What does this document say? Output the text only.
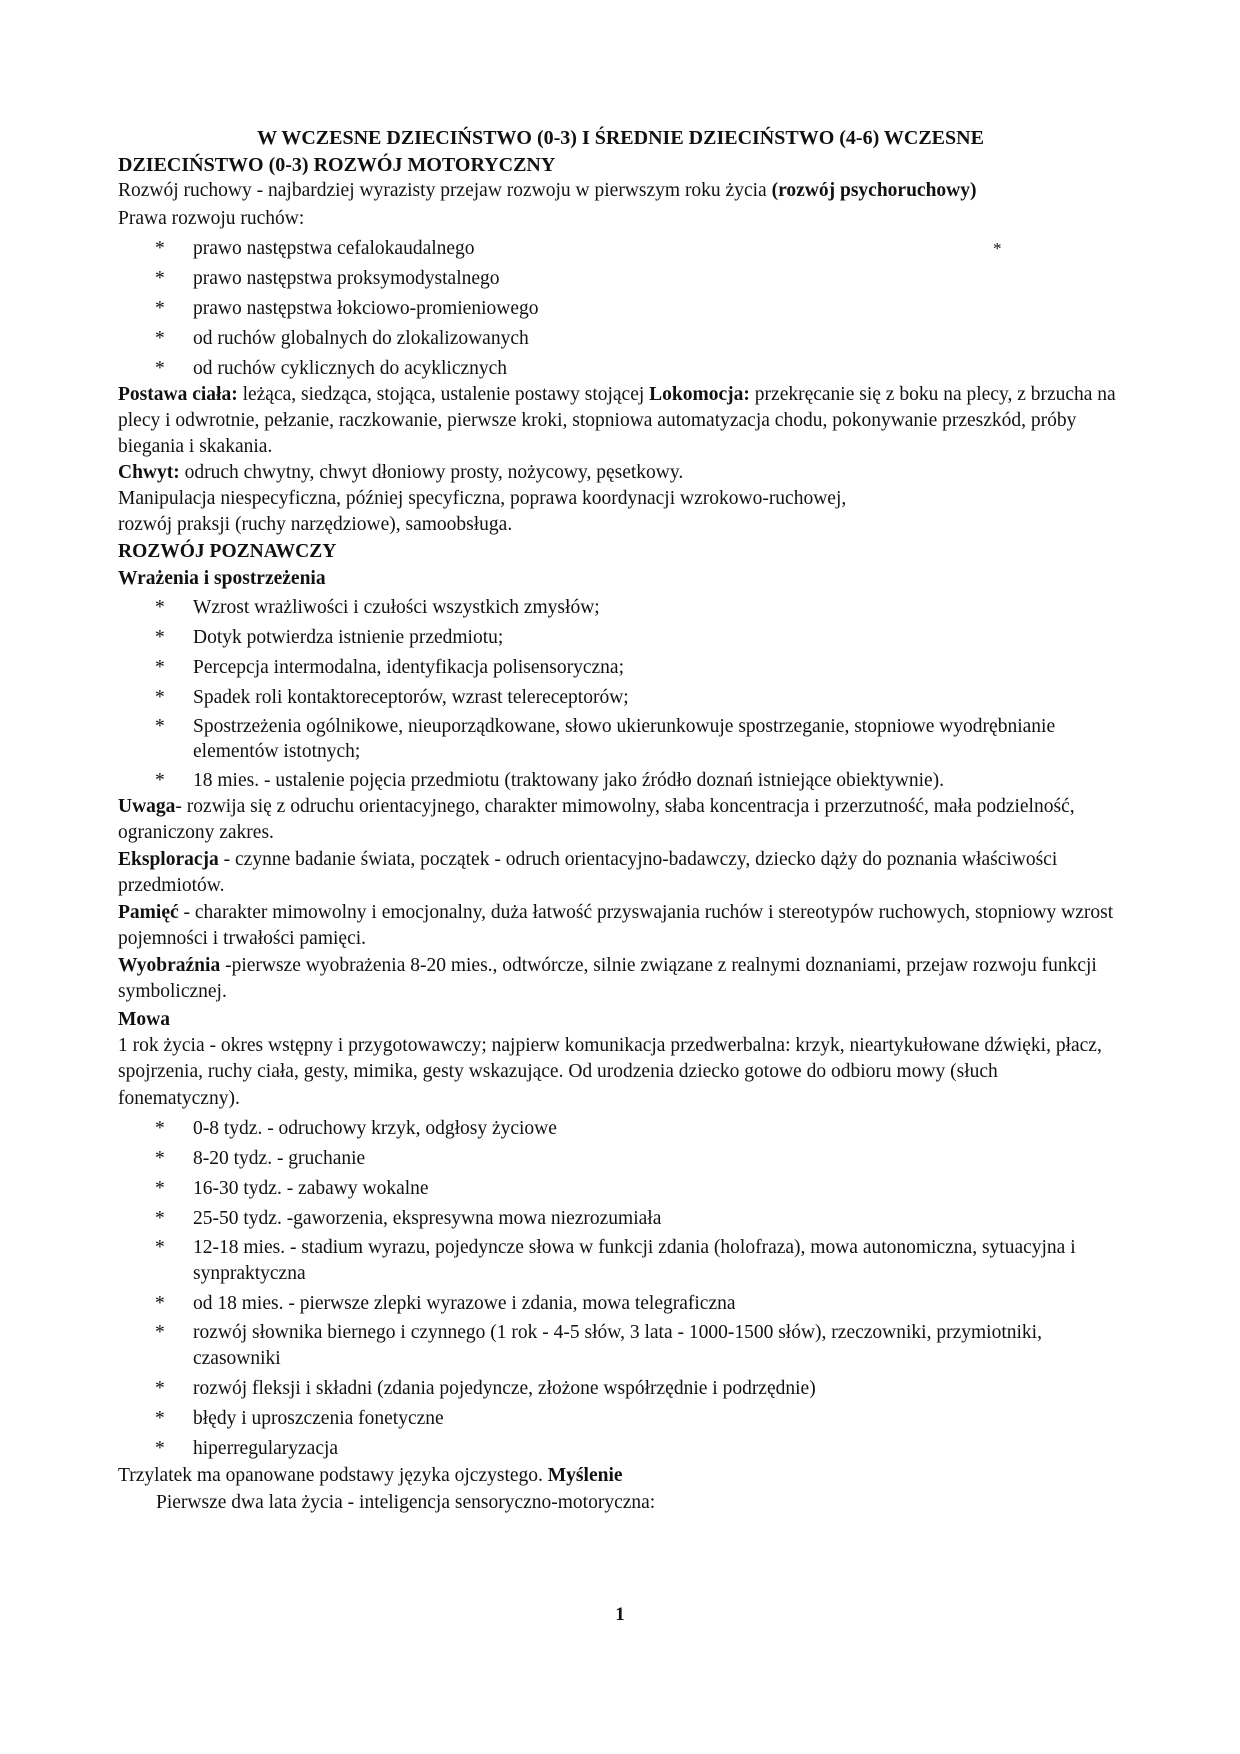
W WCZESNE DZIECIŃSTWO (0-3) I ŚREDNIE DZIECIŃSTWO (4-6) WCZESNE
DZIECIŃSTWO (0-3) ROZWÓJ MOTORYCZNY

Rozwój ruchowy - najbardziej wyrazisty przejaw rozwoju w pierwszym roku życia (rozwój psychoruchowy)

Prawa rozwoju ruchów:

* prawo następstwa cefalokaudalnego	*
* prawo następstwa proksymodystalnego
* prawo następstwa łokciowo-promieniowego
* od ruchów globalnych do zlokalizowanych
* od ruchów cyklicznych do acyklicznych

Postawa ciała: leżąca, siedząca, stojąca, ustalenie postawy stojącej Lokomocja: przekręcanie się z boku na plecy, z brzucha na plecy i odwrotnie, pełzanie, raczkowanie, pierwsze kroki, stopniowa automatyzacja chodu, pokonywanie przeszkód, próby biegania i skakania.

Chwyt: odruch chwytny, chwyt dłoniowy prosty, nożycowy, pęsetkowy.

Manipulacja niespecyficzna, później specyficzna, poprawa koordynacji wzrokowo-ruchowej,

rozwój praksji (ruchy narzędziowe), samoobsługa.

ROZWÓJ POZNAWCZY

Wrażenia i spostrzeżenia

* Wzrost wrażliwości i czułości wszystkich zmysłów;
* Dotyk potwierdza istnienie przedmiotu;
* Percepcja intermodalna, identyfikacja polisensoryczna;
* Spadek roli kontaktoreceptorów, wzrast telereceptorów;
* Spostrzeżenia ogólnikowe, nieuporządkowane, słowo ukierunkowuje spostrzeganie, stopniowe wyodrębnianie elementów istotnych;
* 18 mies. - ustalenie pojęcia przedmiotu (traktowany jako źródło doznań istniejące obiektywnie).

Uwaga- rozwija się z odruchu orientacyjnego, charakter mimowolny, słaba koncentracja i przerzutność, mała podzielność, ograniczony zakres.

Eksploracja - czynne badanie świata, początek - odruch orientacyjno-badawczy, dziecko dąży do poznania właściwości przedmiotów.

Pamięć - charakter mimowolny i emocjonalny, duża łatwość przyswajania ruchów i stereotypów ruchowych, stopniowy wzrost pojemności i trwałości pamięci.

Wyobraźnia -pierwsze wyobrażenia 8-20 mies., odtwórcze, silnie związane z realnymi doznaniami, przejaw rozwoju funkcji symbolicznej.

Mowa

1 rok życia - okres wstępny i przygotowawczy; najpierw komunikacja przedwerbalna: krzyk, nieartykułowane dźwięki, płacz, spojrzenia, ruchy ciała, gesty, mimika, gesty wskazujące. Od urodzenia dziecko gotowe do odbioru mowy (słuch fonematyczny).

* 0-8 tydz. - odruchowy krzyk, odgłosy życiowe
* 8-20 tydz. - gruchanie
* 16-30 tydz. - zabawy wokalne
* 25-50 tydz. -gaworzenia, ekspresywna mowa niezrozumiała
* 12-18 mies. - stadium wyrazu, pojedyncze słowa w funkcji zdania (holofraza), mowa autonomiczna, sytuacyjna i synpraktyczna
* od 18 mies. - pierwsze zlepki wyrazowe i zdania, mowa telegraficzna
* rozwój słownika biernego i czynnego (1 rok - 4-5 słów, 3 lata - 1000-1500 słów), rzeczowniki, przymiotniki, czasowniki
* rozwój fleksji i składni (zdania pojedyncze, złożone współrzędnie i podrzędnie)
* błędy i uproszczenia fonetyczne
* hiperregularyzacja

Trzylatek ma opanowane podstawy języka ojczystego. Myślenie

Pierwsze dwa lata życia - inteligencja sensoryczno-motoryczna:

1
